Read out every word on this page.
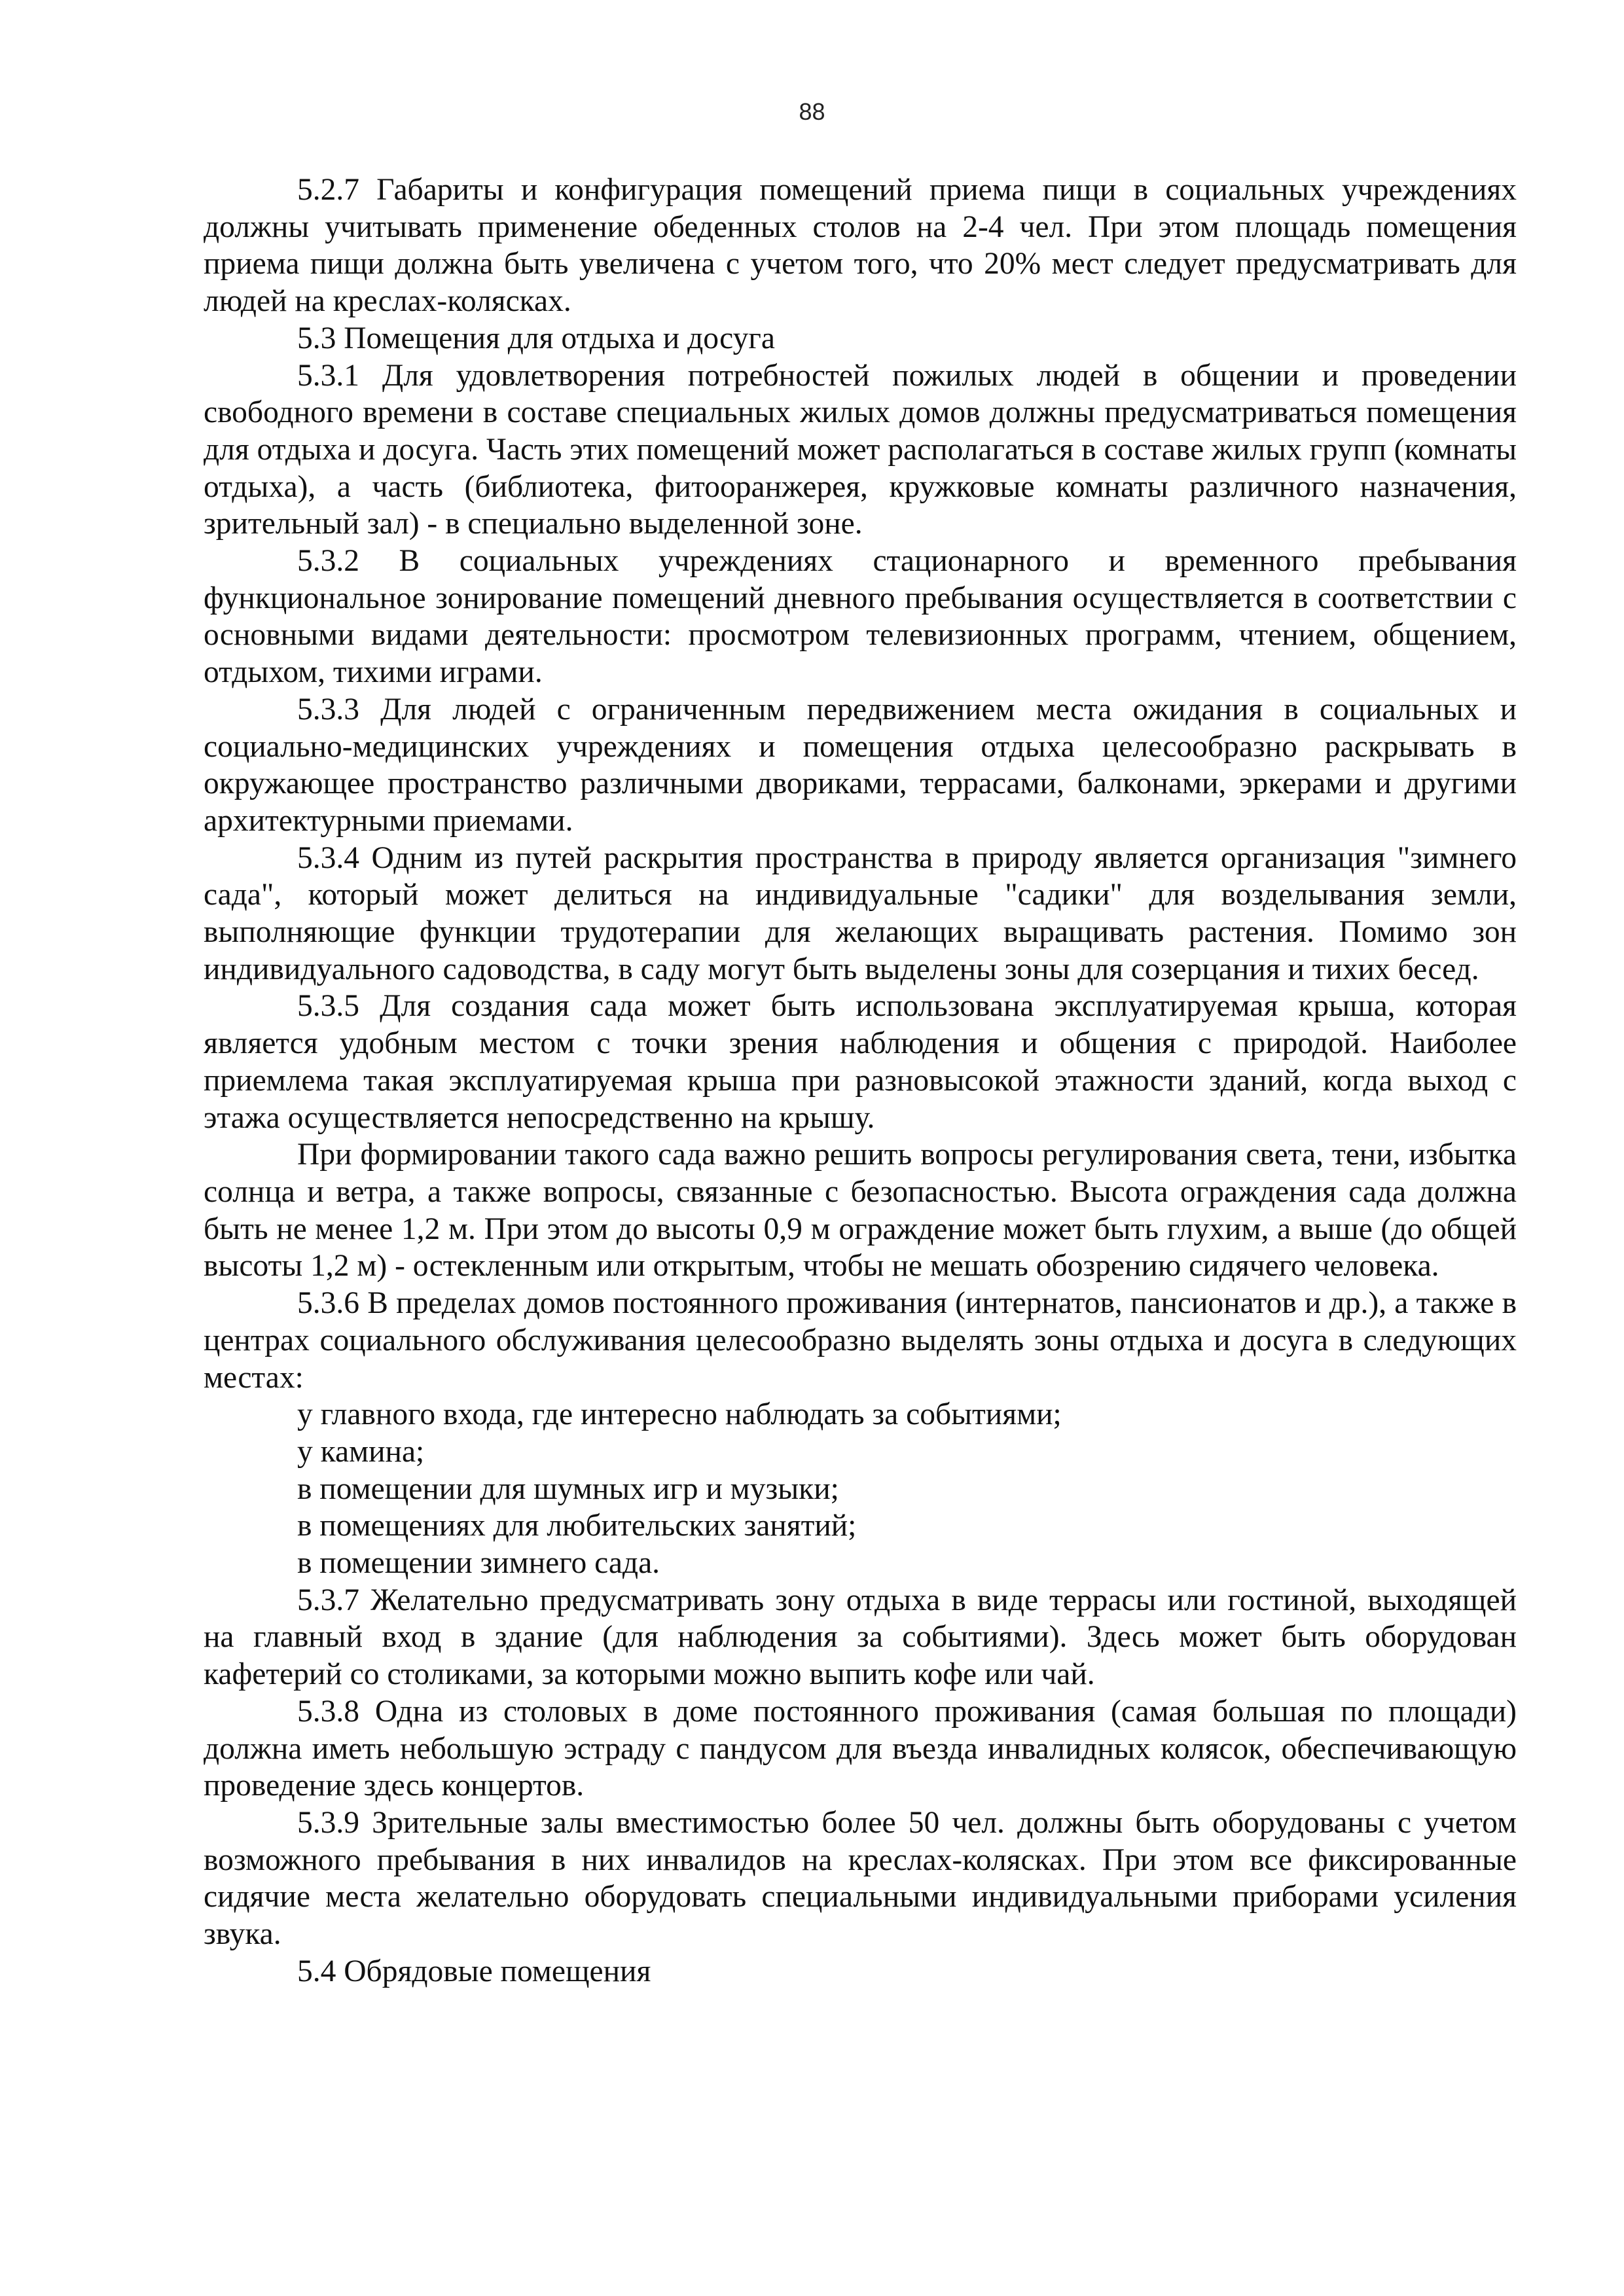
88

5.2.7 Габариты и конфигурация помещений приема пищи в социальных учреждениях должны учитывать применение обеденных столов на 2-4 чел. При этом площадь помещения приема пищи должна быть увеличена с учетом того, что 20% мест следует предусматривать для людей на креслах-колясках.

5.3 Помещения для отдыха и досуга

5.3.1 Для удовлетворения потребностей пожилых людей в общении и проведении свободного времени в составе специальных жилых домов должны предусматриваться помещения для отдыха и досуга. Часть этих помещений может располагаться в составе жилых групп (комнаты отдыха), а часть (библиотека, фитооранжерея, кружковые комнаты различного назначения, зрительный зал) - в специально выделенной зоне.

5.3.2 В социальных учреждениях стационарного и временного пребывания функциональное зонирование помещений дневного пребывания осуществляется в соответствии с основными видами деятельности: просмотром телевизионных программ, чтением, общением, отдыхом, тихими играми.

5.3.3 Для людей с ограниченным передвижением места ожидания в социальных и социально-медицинских учреждениях и помещения отдыха целесообразно раскрывать в окружающее пространство различными двориками, террасами, балконами, эркерами и другими архитектурными приемами.

5.3.4 Одним из путей раскрытия пространства в природу является организация "зимнего сада", который может делиться на индивидуальные "садики" для возделывания земли, выполняющие функции трудотерапии для желающих выращивать растения. Помимо зон индивидуального садоводства, в саду могут быть выделены зоны для созерцания и тихих бесед.

5.3.5 Для создания сада может быть использована эксплуатируемая крыша, которая является удобным местом с точки зрения наблюдения и общения с природой. Наиболее приемлема такая эксплуатируемая крыша при разновысокой этажности зданий, когда выход с этажа осуществляется непосредственно на крышу.

При формировании такого сада важно решить вопросы регулирования света, тени, избытка солнца и ветра, а также вопросы, связанные с безопасностью. Высота ограждения сада должна быть не менее 1,2 м. При этом до высоты 0,9 м ограждение может быть глухим, а выше (до общей высоты 1,2 м) - остекленным или открытым, чтобы не мешать обозрению сидячего человека.

5.3.6 В пределах домов постоянного проживания (интернатов, пансионатов и др.), а также в центрах социального обслуживания целесообразно выделять зоны отдыха и досуга в следующих местах:

у главного входа, где интересно наблюдать за событиями;

у камина;

в помещении для шумных игр и музыки;

в помещениях для любительских занятий;

в помещении зимнего сада.

5.3.7 Желательно предусматривать зону отдыха в виде террасы или гостиной, выходящей на главный вход в здание (для наблюдения за событиями). Здесь может быть оборудован кафетерий со столиками, за которыми можно выпить кофе или чай.

5.3.8 Одна из столовых в доме постоянного проживания (самая большая по площади) должна иметь небольшую эстраду с пандусом для въезда инвалидных колясок, обеспечивающую проведение здесь концертов.

5.3.9 Зрительные залы вместимостью более 50 чел. должны быть оборудованы с учетом возможного пребывания в них инвалидов на креслах-колясках. При этом все фиксированные сидячие места желательно оборудовать специальными индивидуальными приборами усиления звука.

5.4 Обрядовые помещения
